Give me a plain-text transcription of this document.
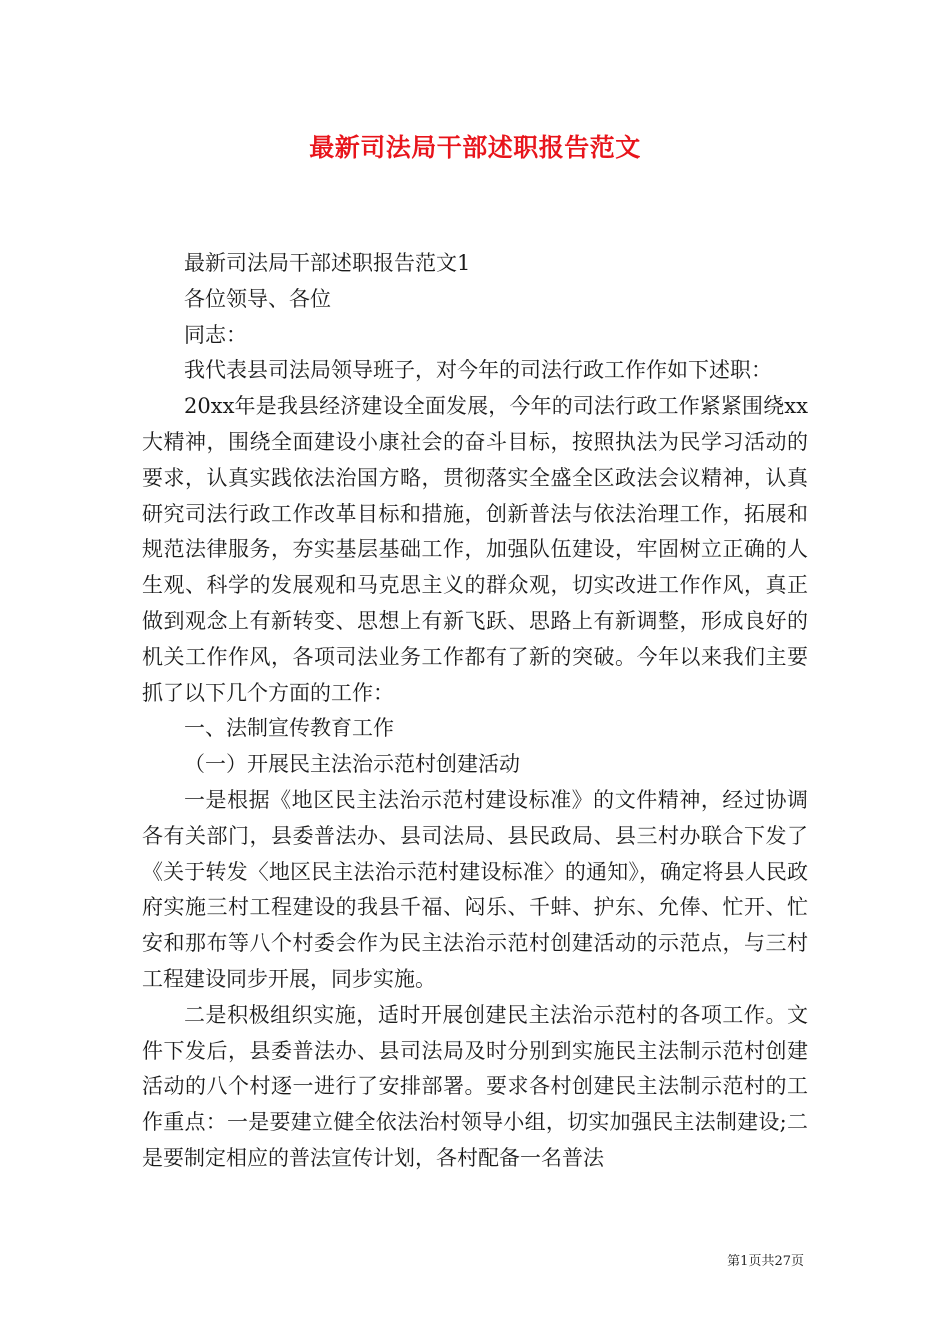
最新司法局干部述职报告范文

最新司法局干部述职报告范文1

各位领导、各位

同志：

我代表县司法局领导班子，对今年的司法行政工作作如下述职：

20xx年是我县经济建设全面发展，今年的司法行政工作紧紧围绕xx大精神，围绕全面建设小康社会的奋斗目标，按照执法为民学习活动的要求，认真实践依法治国方略，贯彻落实全盛全区政法会议精神，认真研究司法行政工作改革目标和措施，创新普法与依法治理工作，拓展和规范法律服务，夯实基层基础工作，加强队伍建设，牢固树立正确的人生观、科学的发展观和马克思主义的群众观，切实改进工作作风，真正做到观念上有新转变、思想上有新飞跃、思路上有新调整，形成良好的机关工作作风，各项司法业务工作都有了新的突破。今年以来我们主要抓了以下几个方面的工作：

一、法制宣传教育工作

（一）开展民主法治示范村创建活动

一是根据《地区民主法治示范村建设标准》的文件精神，经过协调各有关部门，县委普法办、县司法局、县民政局、县三村办联合下发了《关于转发〈地区民主法治示范村建设标准〉的通知》，确定将县人民政府实施三村工程建设的我县千福、闷乐、千蚌、护东、允俸、忙开、忙安和那布等八个村委会作为民主法治示范村创建活动的示范点，与三村工程建设同步开展，同步实施。

二是积极组织实施，适时开展创建民主法治示范村的各项工作。文件下发后，县委普法办、县司法局及时分别到实施民主法制示范村创建活动的八个村逐一进行了安排部署。要求各村创建民主法制示范村的工作重点：一是要建立健全依法治村领导小组，切实加强民主法制建设;二是要制定相应的普法宣传计划，各村配备一名普法

第1页共27页
